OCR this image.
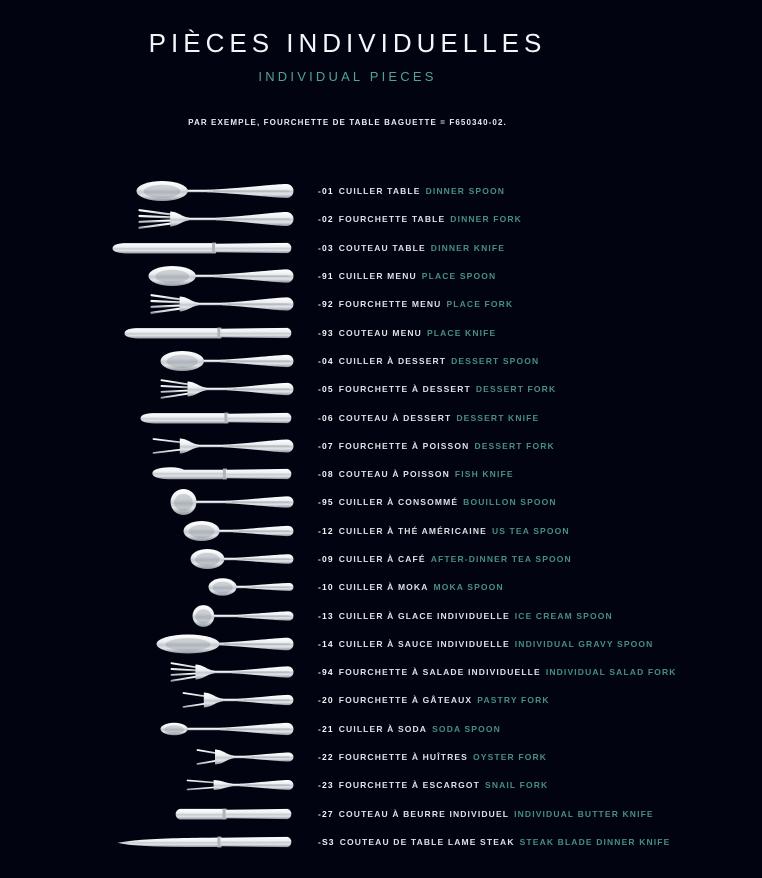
PIÈCES INDIVIDUELLES
INDIVIDUAL PIECES
PAR EXEMPLE, FOURCHETTE DE TABLE BAGUETTE = F650340-02.
-01 CUILLER TABLE DINNER SPOON
-02 FOURCHETTE TABLE DINNER FORK
-03 COUTEAU TABLE DINNER KNIFE
-91 CUILLER MENU PLACE SPOON
-92 FOURCHETTE MENU PLACE FORK
-93 COUTEAU MENU PLACE KNIFE
-04 CUILLER À DESSERT DESSERT SPOON
-05 FOURCHETTE À DESSERT DESSERT FORK
-06 COUTEAU À DESSERT DESSERT KNIFE
-07 FOURCHETTE À POISSON DESSERT FORK
-08 COUTEAU À POISSON FISH KNIFE
-95 CUILLER À CONSOMMÉ BOUILLON SPOON
-12 CUILLER À THÉ AMÉRICAINE US TEA SPOON
-09 CUILLER À CAFÉ AFTER-DINNER TEA SPOON
-10 CUILLER À MOKA MOKA SPOON
-13 CUILLER À GLACE INDIVIDUELLE ICE CREAM SPOON
-14 CUILLER À SAUCE INDIVIDUELLE INDIVIDUAL GRAVY SPOON
-94 FOURCHETTE À SALADE INDIVIDUELLE INDIVIDUAL SALAD FORK
-20 FOURCHETTE À GÂTEAUX PASTRY FORK
-21 CUILLER À SODA SODA SPOON
-22 FOURCHETTE À HUÎTRES OYSTER FORK
-23 FOURCHETTE À ESCARGOT SNAIL FORK
-27 COUTEAU À BEURRE INDIVIDUEL INDIVIDUAL BUTTER KNIFE
-S3 COUTEAU DE TABLE LAME STEAK STEAK BLADE DINNER KNIFE
